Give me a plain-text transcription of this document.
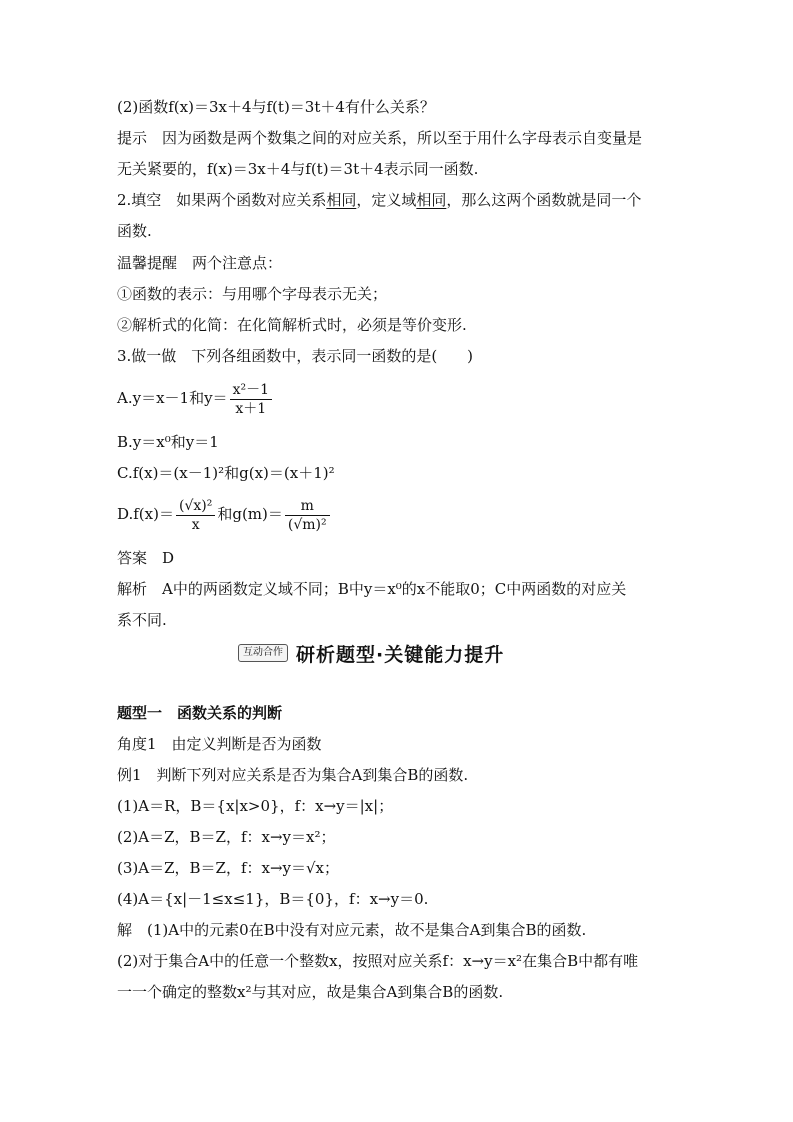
(2)函数f(x)＝3x＋4与f(t)＝3t＋4有什么关系？
提示　因为函数是两个数集之间的对应关系，所以至于用什么字母表示自变量是
无关紧要的，f(x)＝3x＋4与f(t)＝3t＋4表示同一函数.
2.填空　如果两个函数对应关系相同，定义域相同，那么这两个函数就是同一个
函数.
温馨提醒　两个注意点：
①函数的表示：与用哪个字母表示无关；
②解析式的化简：在化简解析式时，必须是等价变形.
3.做一做　下列各组函数中，表示同一函数的是(　　)
A.y＝x－1和$y= \frac{\text{x²－1}}{x+1}$
B.y＝x⁰和y＝1
C.f(x)＝(x－1)²和g(x)＝(x＋1)²
$D.f(x)= \frac{\text{(√x)²}}{x}$ 和$g(m)= \frac{m}{\text{(√m)²}}$
答案　D
解析　A中的两函数定义域不同；B中y＝x⁰的x不能取0；C中两函数的对应关
系不同.
互动合作 研析题型·关键能力提升
题型一　函数关系的判断
角度1　由定义判断是否为函数
例1　判断下列对应关系是否为集合A到集合B的函数.
(1)A＝R，B＝{x|x>0}，f：x→y＝|x|；
(2)A＝Z，B＝Z，f：x→y＝x²；
(3)A＝Z，B＝Z，f：x→y＝√x；
(4)A＝{x|－1≤x≤1}，B＝{0}，f：x→y＝0.
解　(1)A中的元素0在B中没有对应元素，故不是集合A到集合B的函数.
(2)对于集合A中的任意一个整数x，按照对应关系f：x→y＝x²在集合B中都有唯
一一个确定的整数x²与其对应，故是集合A到集合B的函数.
